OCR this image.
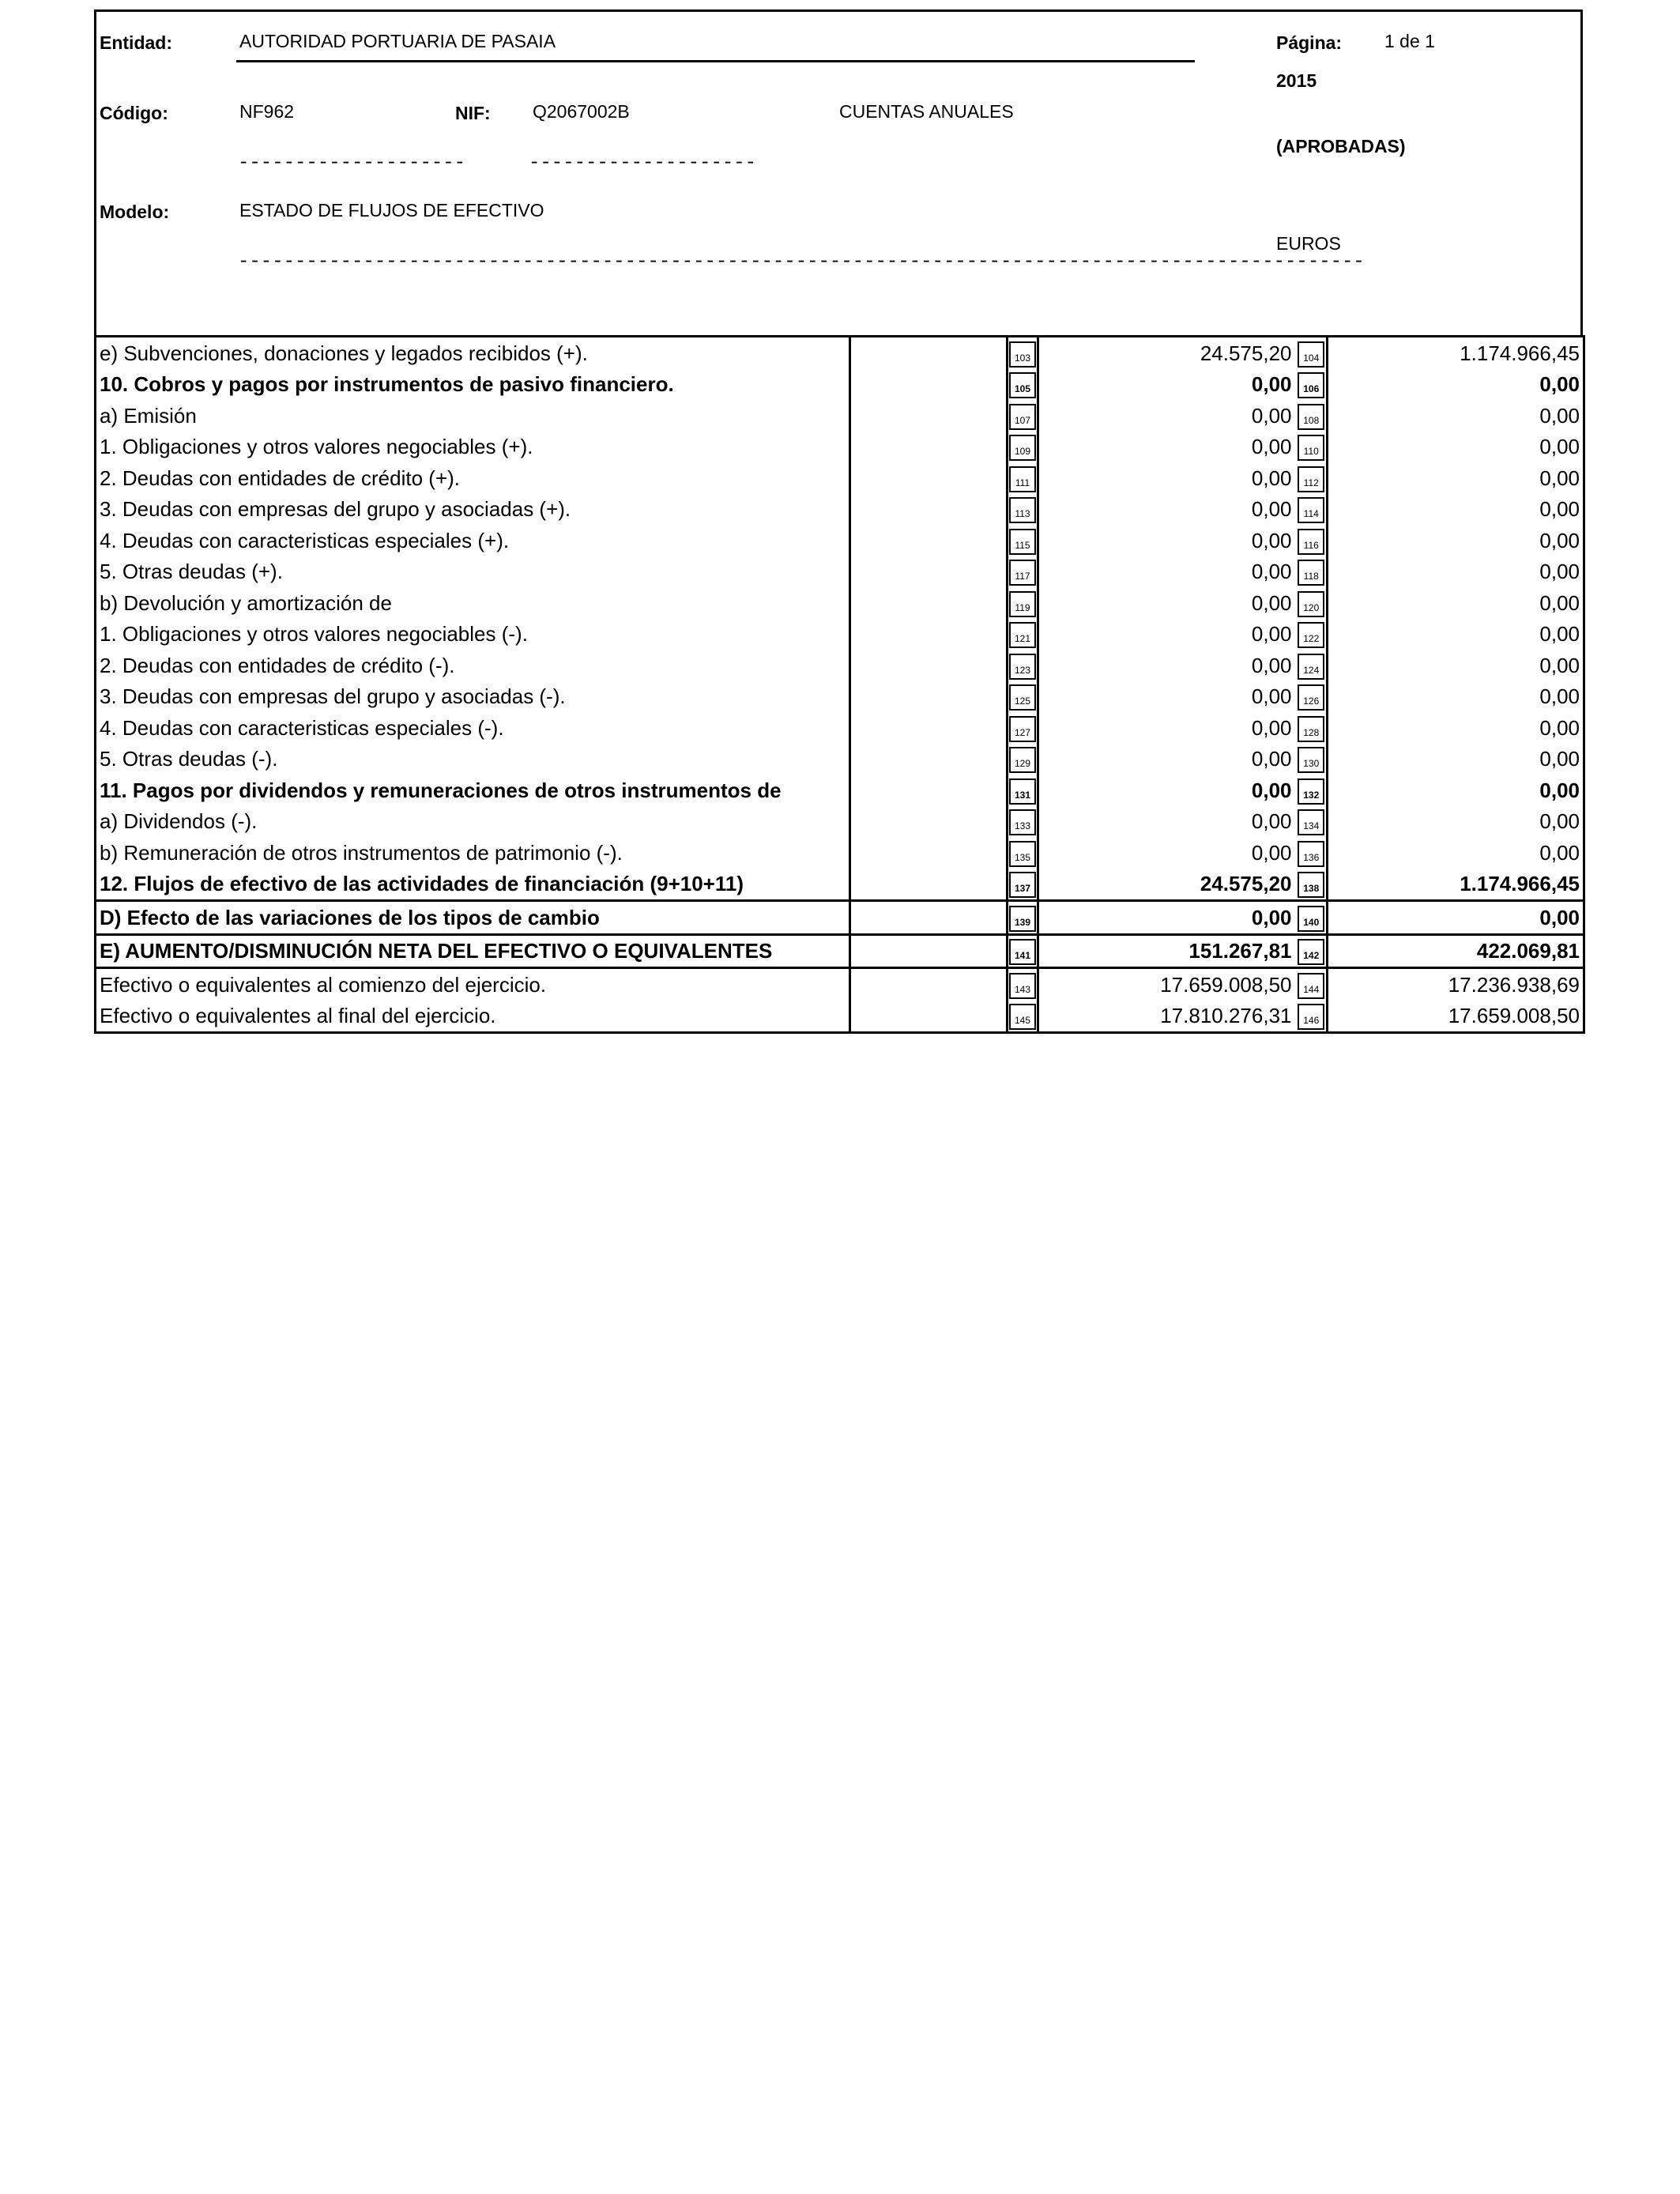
Entidad:	AUTORIDAD PORTUARIA DE PASAIA	Página: 1 de 1
2015
Código:	NF962	NIF: Q2067002B	CUENTAS ANUALES
(APROBADAS)
--------------------	--------------------
Modelo:	ESTADO DE FLUJOS DE EFECTIVO
---------------------------------------------------------------------------------------------------
EUROS
e) Subvenciones, donaciones y legados recibidos (+).		103	24.575,20	104	1.174.966,45
10. Cobros y pagos por instrumentos de pasivo financiero.		105	0,00	106	0,00
a) Emisión		107	0,00	108	0,00
1. Obligaciones y otros valores negociables (+).		109	0,00	110	0,00
2. Deudas con entidades de crédito (+).		111	0,00	112	0,00
3. Deudas con empresas del grupo y asociadas (+).		113	0,00	114	0,00
4. Deudas con caracteristicas especiales (+).		115	0,00	116	0,00
5. Otras deudas (+).		117	0,00	118	0,00
b) Devolución y amortización de		119	0,00	120	0,00
1. Obligaciones y otros valores negociables (-).		121	0,00	122	0,00
2. Deudas con entidades de crédito (-).		123	0,00	124	0,00
3. Deudas con empresas del grupo y asociadas (-).		125	0,00	126	0,00
4. Deudas con caracteristicas especiales (-).		127	0,00	128	0,00
5. Otras deudas (-).		129	0,00	130	0,00
11. Pagos por dividendos y remuneraciones de otros instrumentos de		131	0,00	132	0,00
a) Dividendos (-).		133	0,00	134	0,00
b) Remuneración de otros instrumentos de patrimonio (-).		135	0,00	136	0,00
12. Flujos de efectivo de las actividades de financiación (9+10+11)		137	24.575,20	138	1.174.966,45
D) Efecto de las variaciones de los tipos de cambio		139	0,00	140	0,00
E) AUMENTO/DISMINUCIÓN NETA DEL EFECTIVO O EQUIVALENTES		141	151.267,81	142	422.069,81
Efectivo o equivalentes al comienzo del ejercicio.		143	17.659.008,50	144	17.236.938,69
Efectivo o equivalentes al final del ejercicio.		145	17.810.276,31	146	17.659.008,50
